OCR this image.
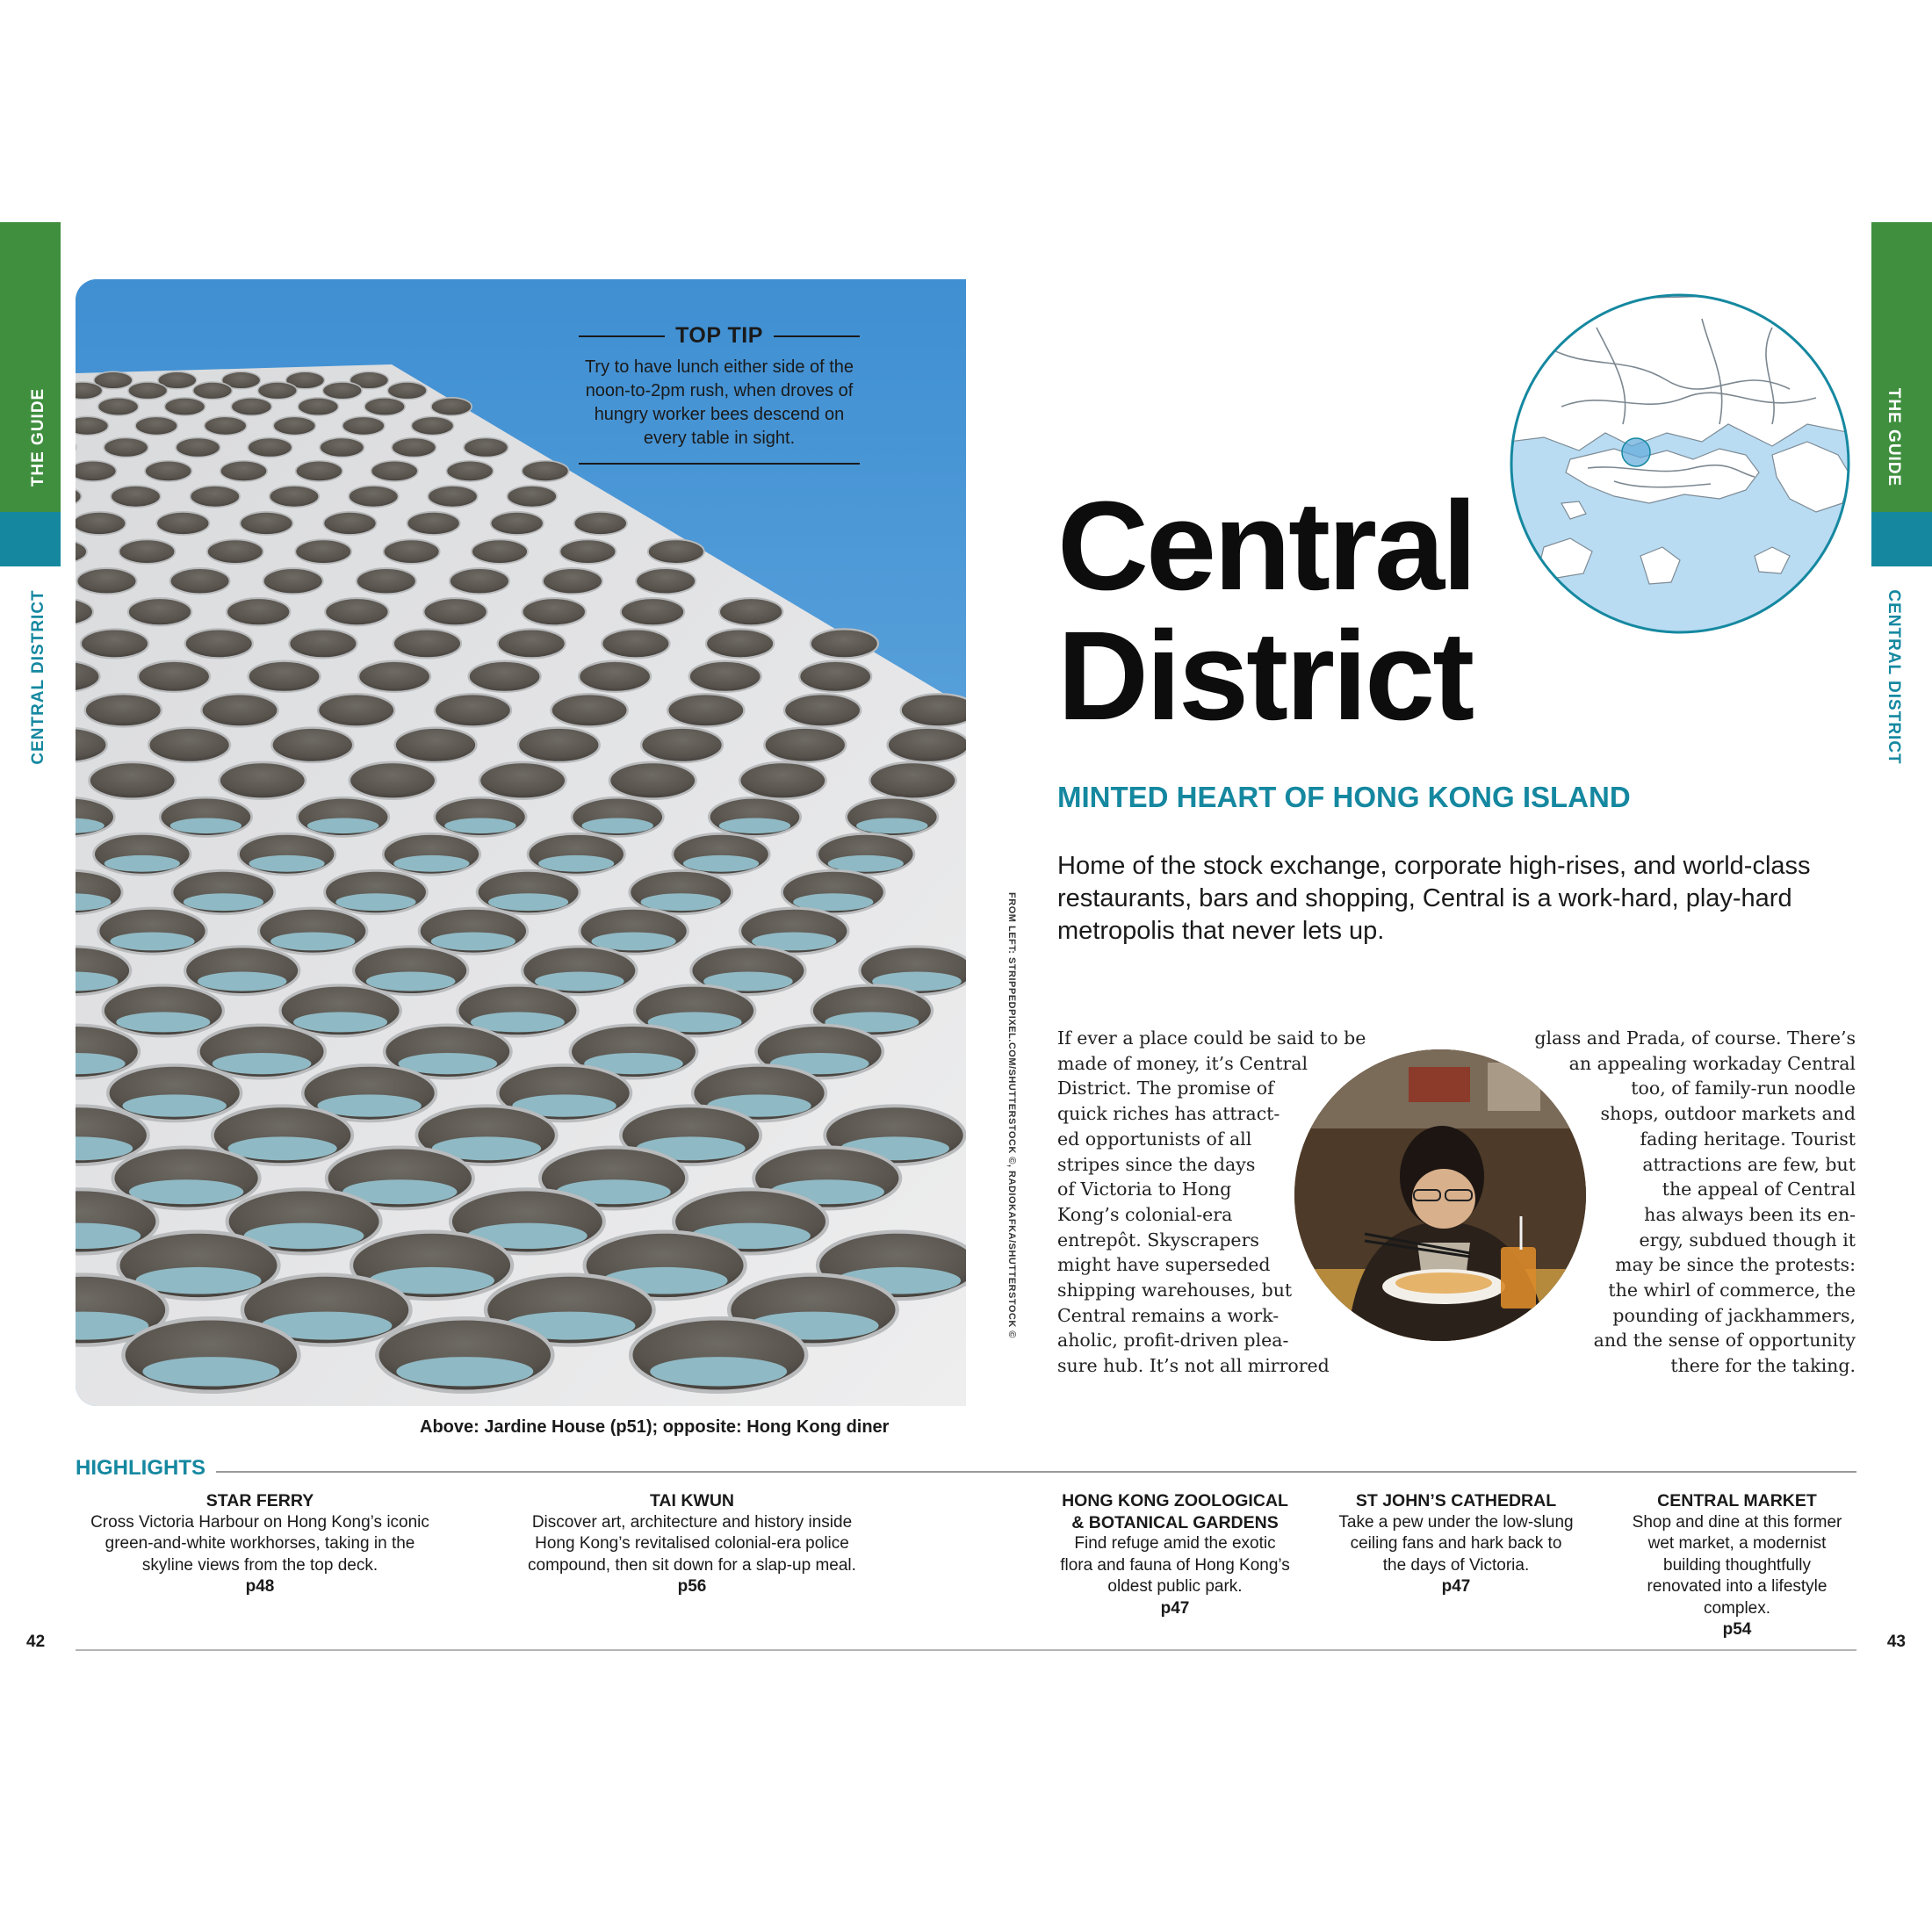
THE GUIDE
CENTRAL DISTRICT
THE GUIDE
CENTRAL DISTRICT
TOP TIP
Try to have lunch either side of the noon-to-2pm rush, when droves of hungry worker bees descend on every table in sight.
FROM LEFT: STRIPPEDPIXEL.COM/SHUTTERSTOCK ©, RADIOKAFKA/SHUTTERSTOCK ©
Above: Jardine House (p51); opposite: Hong Kong diner
Central
District
MINTED HEART OF HONG KONG ISLAND

Home of the stock exchange, corporate high-rises, and world-class restaurants, bars and shopping, Central is a work-hard, play-hard metropolis that never lets up.

If ever a place could be said to be
made of money, it’s Central
District. The promise of
quick riches has attract-
ed opportunists of all
stripes since the days
of Victoria to Hong
Kong’s colonial-era
entrepôt. Skyscrapers
might have superseded
shipping warehouses, but
Central remains a work-
aholic, profit-driven plea-
sure hub. It’s not all mirrored
glass and Prada, of course. There’s
an appealing workaday Central
too, of family-run noodle
shops, outdoor markets and
fading heritage. Tourist
attractions are few, but
the appeal of Central
has always been its en-
ergy, subdued though it
may be since the protests:
the whirl of commerce, the
pounding of jackhammers,
and the sense of opportunity
there for the taking.
HIGHLIGHTS
STAR FERRY
Cross Victoria Harbour on Hong Kong’s iconic
green-and-white workhorses, taking in the
skyline views from the top deck.
p48
TAI KWUN
Discover art, architecture and history inside
Hong Kong’s revitalised colonial-era police
compound, then sit down for a slap-up meal.
p56
HONG KONG ZOOLOGICAL
& BOTANICAL GARDENS
Find refuge amid the exotic
flora and fauna of Hong Kong’s
oldest public park.
p47
ST JOHN’S CATHEDRAL
Take a pew under the low-slung
ceiling fans and hark back to
the days of Victoria.
p47
CENTRAL MARKET
Shop and dine at this former
wet market, a modernist
building thoughtfully
renovated into a lifestyle
complex.
p54
42	43
